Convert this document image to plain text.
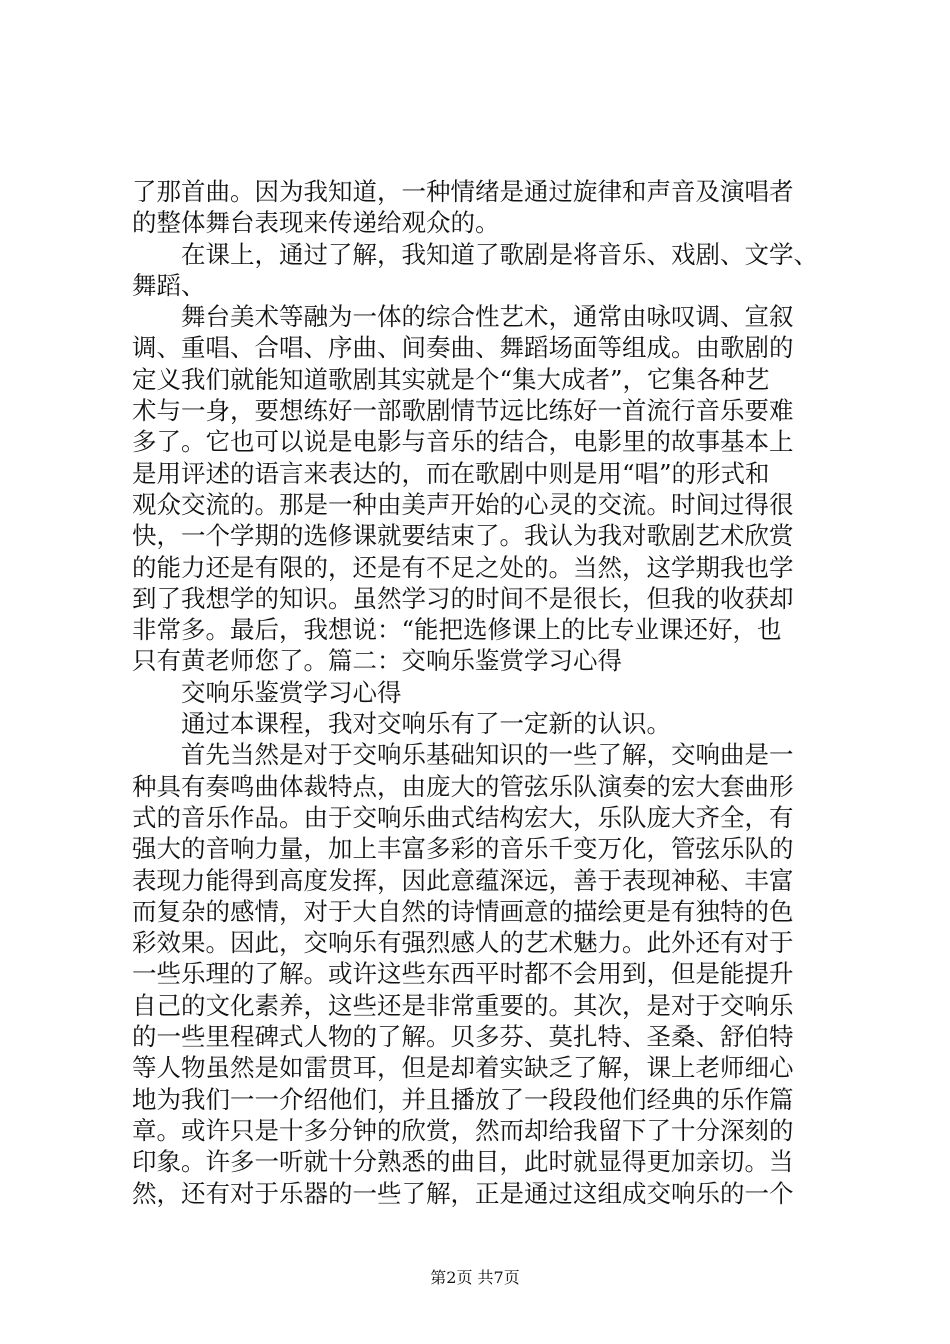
了那首曲。因为我知道，一种情绪是通过旋律和声音及演唱者
的整体舞台表现来传递给观众的。
在课上，通过了解，我知道了歌剧是将音乐、戏剧、文学、
舞蹈、
舞台美术等融为一体的综合性艺术，通常由咏叹调、宣叙
调、重唱、合唱、序曲、间奏曲、舞蹈场面等组成。由歌剧的
定义我们就能知道歌剧其实就是个“集大成者”，它集各种艺
术与一身，要想练好一部歌剧情节远比练好一首流行音乐要难
多了。它也可以说是电影与音乐的结合，电影里的故事基本上
是用评述的语言来表达的，而在歌剧中则是用“唱”的形式和
观众交流的。那是一种由美声开始的心灵的交流。时间过得很
快，一个学期的选修课就要结束了。我认为我对歌剧艺术欣赏
的能力还是有限的，还是有不足之处的。当然，这学期我也学
到了我想学的知识。虽然学习的时间不是很长，但我的收获却
非常多。最后，我想说：“能把选修课上的比专业课还好，也
只有黄老师您了。篇二：交响乐鉴赏学习心得
交响乐鉴赏学习心得
通过本课程，我对交响乐有了一定新的认识。
首先当然是对于交响乐基础知识的一些了解，交响曲是一
种具有奏鸣曲体裁特点，由庞大的管弦乐队演奏的宏大套曲形
式的音乐作品。由于交响乐曲式结构宏大，乐队庞大齐全，有
强大的音响力量，加上丰富多彩的音乐千变万化，管弦乐队的
表现力能得到高度发挥，因此意蕴深远，善于表现神秘、丰富
而复杂的感情，对于大自然的诗情画意的描绘更是有独特的色
彩效果。因此，交响乐有强烈感人的艺术魅力。此外还有对于
一些乐理的了解。或许这些东西平时都不会用到，但是能提升
自己的文化素养，这些还是非常重要的。其次，是对于交响乐
的一些里程碑式人物的了解。贝多芬、莫扎特、圣桑、舒伯特
等人物虽然是如雷贯耳，但是却着实缺乏了解，课上老师细心
地为我们一一介绍他们，并且播放了一段段他们经典的乐作篇
章。或许只是十多分钟的欣赏，然而却给我留下了十分深刻的
印象。许多一听就十分熟悉的曲目，此时就显得更加亲切。当
然，还有对于乐器的一些了解，正是通过这组成交响乐的一个
第2页 共7页
